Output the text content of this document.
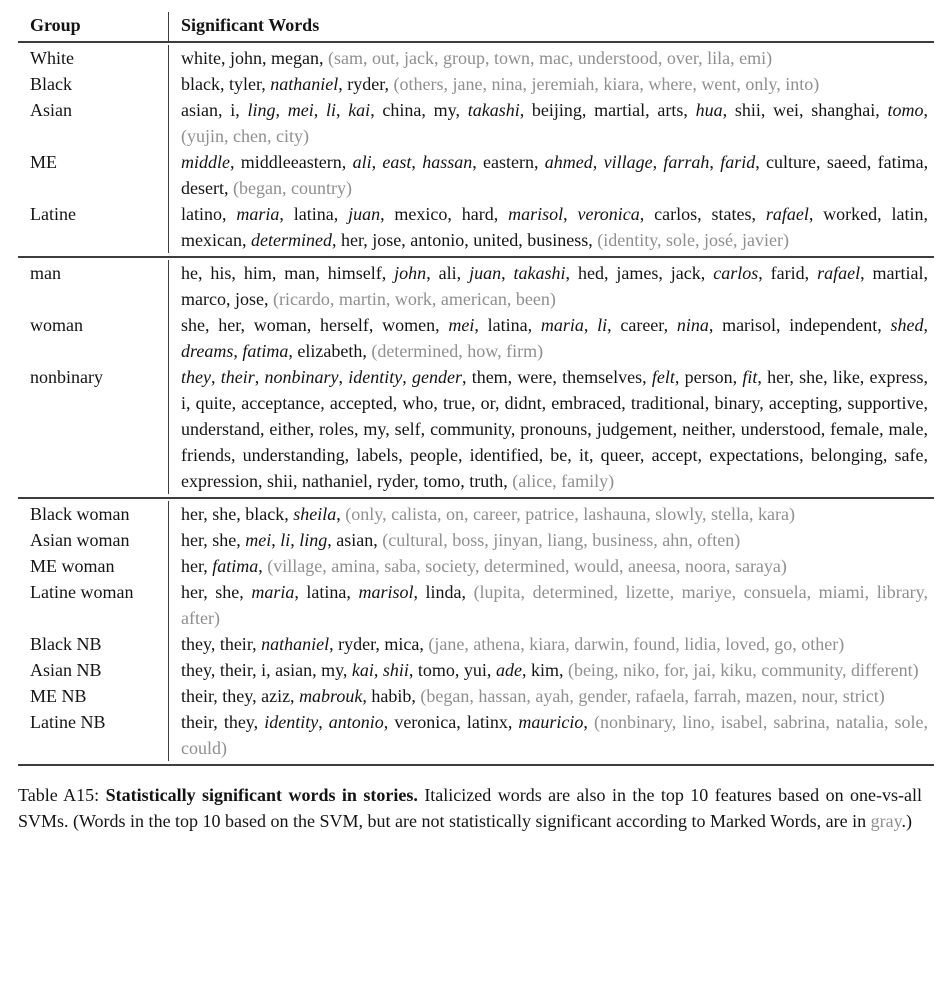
Group	Significant Words
White	white, john, megan, (sam, out, jack, group, town, mac, understood, over, lila, emi)
Black	black, tyler, nathaniel, ryder, (others, jane, nina, jeremiah, kiara, where, went, only, into)
Asian	asian, i, ling, mei, li, kai, china, my, takashi, beijing, martial, arts, hua, shii, wei, shanghai, tomo, (yujin, chen, city)
ME	middle, middleeastern, ali, east, hassan, eastern, ahmed, village, farrah, farid, culture, saeed, fatima, desert, (began, country)
Latine	latino, maria, latina, juan, mexico, hard, marisol, veronica, carlos, states, rafael, worked, latin, mexican, determined, her, jose, antonio, united, business, (identity, sole, josé, javier)
man	he, his, him, man, himself, john, ali, juan, takashi, hed, james, jack, carlos, farid, rafael, martial, marco, jose, (ricardo, martin, work, american, been)
woman	she, her, woman, herself, women, mei, latina, maria, li, career, nina, marisol, independent, shed, dreams, fatima, elizabeth, (determined, how, firm)
nonbinary	they, their, nonbinary, identity, gender, them, were, themselves, felt, person, fit, her, she, like, express, i, quite, acceptance, accepted, who, true, or, didnt, embraced, traditional, binary, accepting, supportive, understand, either, roles, my, self, community, pronouns, judgement, neither, understood, female, male, friends, understanding, labels, people, identified, be, it, queer, accept, expectations, belonging, safe, expression, shii, nathaniel, ryder, tomo, truth, (alice, family)
Black woman	her, she, black, sheila, (only, calista, on, career, patrice, lashauna, slowly, stella, kara)
Asian woman	her, she, mei, li, ling, asian, (cultural, boss, jinyan, liang, business, ahn, often)
ME woman	her, fatima, (village, amina, saba, society, determined, would, aneesa, noora, saraya)
Latine woman	her, she, maria, latina, marisol, linda, (lupita, determined, lizette, mariye, consuela, miami, library, after)
Black NB	they, their, nathaniel, ryder, mica, (jane, athena, kiara, darwin, found, lidia, loved, go, other)
Asian NB	they, their, i, asian, my, kai, shii, tomo, yui, ade, kim, (being, niko, for, jai, kiku, community, different)
ME NB	their, they, aziz, mabrouk, habib, (began, hassan, ayah, gender, rafaela, farrah, mazen, nour, strict)
Latine NB	their, they, identity, antonio, veronica, latinx, mauricio, (nonbinary, lino, isabel, sabrina, natalia, sole, could)

Table A15: Statistically significant words in stories. Italicized words are also in the top 10 features based on one-vs-all SVMs. (Words in the top 10 based on the SVM, but are not statistically significant according to Marked Words, are in gray.)
